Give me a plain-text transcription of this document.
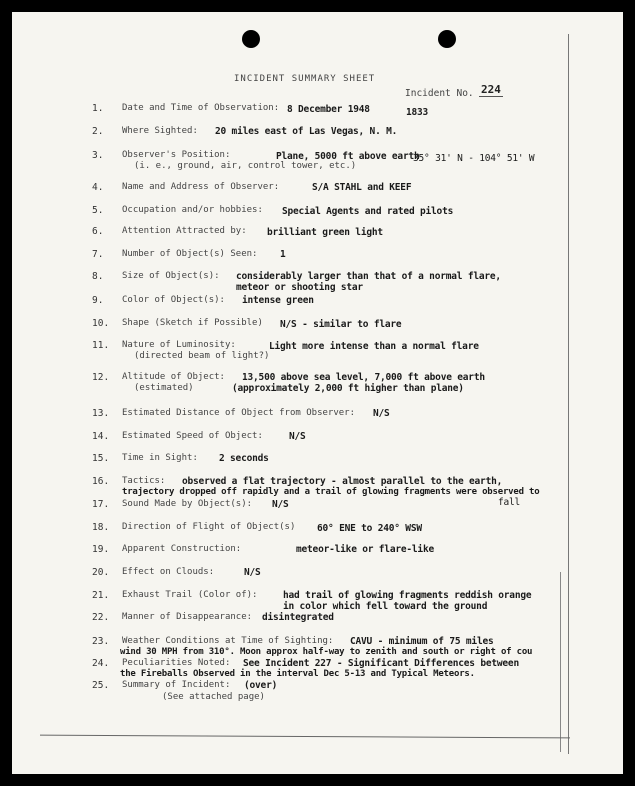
INCIDENT SUMMARY SHEET
Incident No. 224
1. Date and Time of Observation: 8 December 1948	1833
2. Where Sighted: 20 miles east of Las Vegas, N. M.
3. Observer's Position:
(i. e., ground, air, control tower, etc.)
Plane, 5000 ft above earth
35° 31' N - 104° 51' W
4. Name and Address of Observer:	S/A STAHL and KEEF
5. Occupation and/or hobbies: Special Agents and rated pilots
6. Attention Attracted by: brilliant green light
7. Number of Object(s) Seen: 1
8. Size of Object(s): considerably larger than that of a normal flare,
meteor or shooting star
9. Color of Object(s): intense green
10. Shape (Sketch if Possible) N/S - similar to flare
11. Nature of Luminosity:
(directed beam of light?)
Light more intense than a normal flare
12. Altitude of Object:
(estimated)
13,500 above sea level, 7,000 ft above earth
(approximately 2,000 ft higher than plane)
13. Estimated Distance of Object from Observer: N/S
14. Estimated Speed of Object:	N/S
15. Time in Sight: 2 seconds
16. Tactics: observed a flat trajectory - almost parallel to the earth,
trajectory dropped off rapidly and a trail of glowing fragments were observed to
fall
17. Sound Made by Object(s): N/S
18. Direction of Flight of Object(s) 60° ENE to 240° WSW
19. Apparent Construction:	meteor-like or flare-like
20. Effect on Clouds:	N/S
21. Exhaust Trail (Color of):	had trail of glowing fragments reddish orange
in color which fell toward the ground
22. Manner of Disappearance: disintegrated
23. Weather Conditions at Time of Sighting: CAVU - minimum of 75 miles
wind 30 MPH from 310°. Moon approx half-way to zenith and south or right of cou
24. Peculiarities Noted: See Incident 227 - Significant Differences between
the Fireballs Observed in the interval Dec 5-13 and Typical Meteors.
25. Summary of Incident:
(See attached page)
(over)
